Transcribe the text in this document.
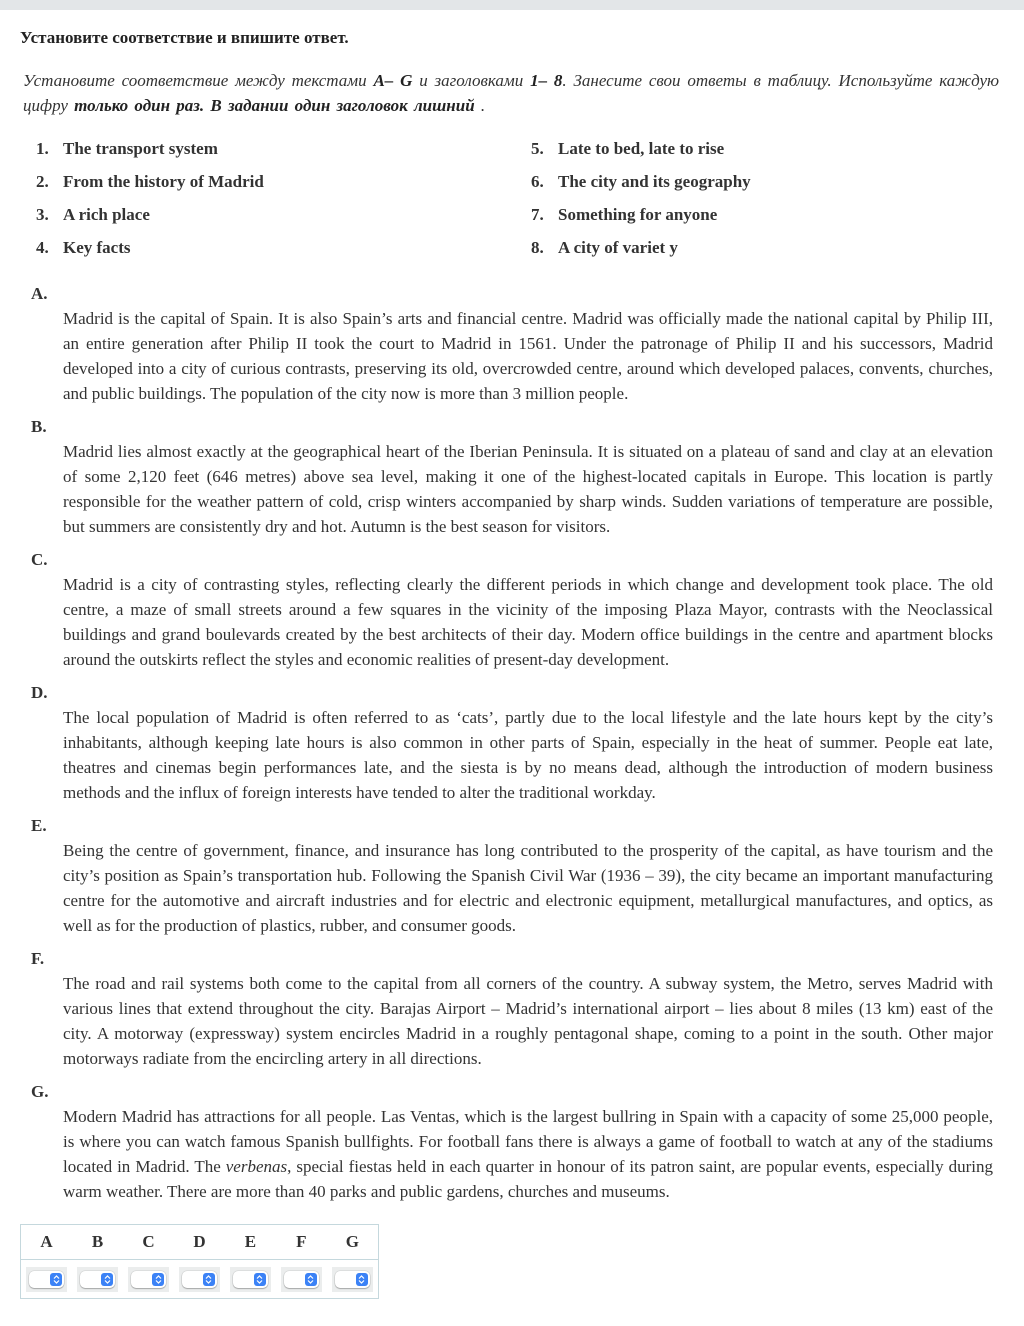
Установите соответствие и впишите ответ.
Установите соответствие между текстами A– G и заголовками 1– 8. Занесите свои ответы в таблицу. Используйте каждую цифру только один раз. В задании один заголовок лишний .
1. The transport system
2. From the history of Madrid
3. A rich place
4. Key facts
5. Late to bed, late to rise
6. The city and its geography
7. Something for anyone
8. A city of variet y
A.
Madrid is the capital of Spain. It is also Spain’s arts and financial centre. Madrid was officially made the national capital by Philip III, an entire generation after Philip II took the court to Madrid in 1561. Under the patronage of Philip II and his successors, Madrid developed into a city of curious contrasts, preserving its old, overcrowded centre, around which developed palaces, convents, churches, and public buildings. The population of the city now is more than 3 million people.
B.
Madrid lies almost exactly at the geographical heart of the Iberian Peninsula. It is situated on a plateau of sand and clay at an elevation of some 2,120 feet (646 metres) above sea level, making it one of the highest-located capitals in Europe. This location is partly responsible for the weather pattern of cold, crisp winters accompanied by sharp winds. Sudden variations of temperature are possible, but summers are consistently dry and hot. Autumn is the best season for visitors.
C.
Madrid is a city of contrasting styles, reflecting clearly the different periods in which change and development took place. The old centre, a maze of small streets around a few squares in the vicinity of the imposing Plaza Mayor, contrasts with the Neoclassical buildings and grand boulevards created by the best architects of their day. Modern office buildings in the centre and apartment blocks around the outskirts reflect the styles and economic realities of present-day development.
D.
The local population of Madrid is often referred to as ‘cats’, partly due to the local lifestyle and the late hours kept by the city’s inhabitants, although keeping late hours is also common in other parts of Spain, especially in the heat of summer. People eat late, theatres and cinemas begin performances late, and the siesta is by no means dead, although the introduction of modern business methods and the influx of foreign interests have tended to alter the traditional workday.
E.
Being the centre of government, finance, and insurance has long contributed to the prosperity of the capital, as have tourism and the city’s position as Spain’s transportation hub. Following the Spanish Civil War (1936 – 39), the city became an important manufacturing centre for the automotive and aircraft industries and for electric and electronic equipment, metallurgical manufactures, and optics, as well as for the production of plastics, rubber, and consumer goods.
F.
The road and rail systems both come to the capital from all corners of the country. A subway system, the Metro, serves Madrid with various lines that extend throughout the city. Barajas Airport – Madrid’s international airport – lies about 8 miles (13 km) east of the city. A motorway (expressway) system encircles Madrid in a roughly pentagonal shape, coming to a point in the south. Other major motorways radiate from the encircling artery in all directions.
G.
Modern Madrid has attractions for all people. Las Ventas, which is the largest bullring in Spain with a capacity of some 25,000 people, is where you can watch famous Spanish bullfights. For football fans there is always a game of football to watch at any of the stadiums located in Madrid. The verbenas, special fiestas held in each quarter in honour of its patron saint, are popular events, especially during warm weather. There are more than 40 parks and public gardens, churches and museums.
A	B	C	D	E	F	G
